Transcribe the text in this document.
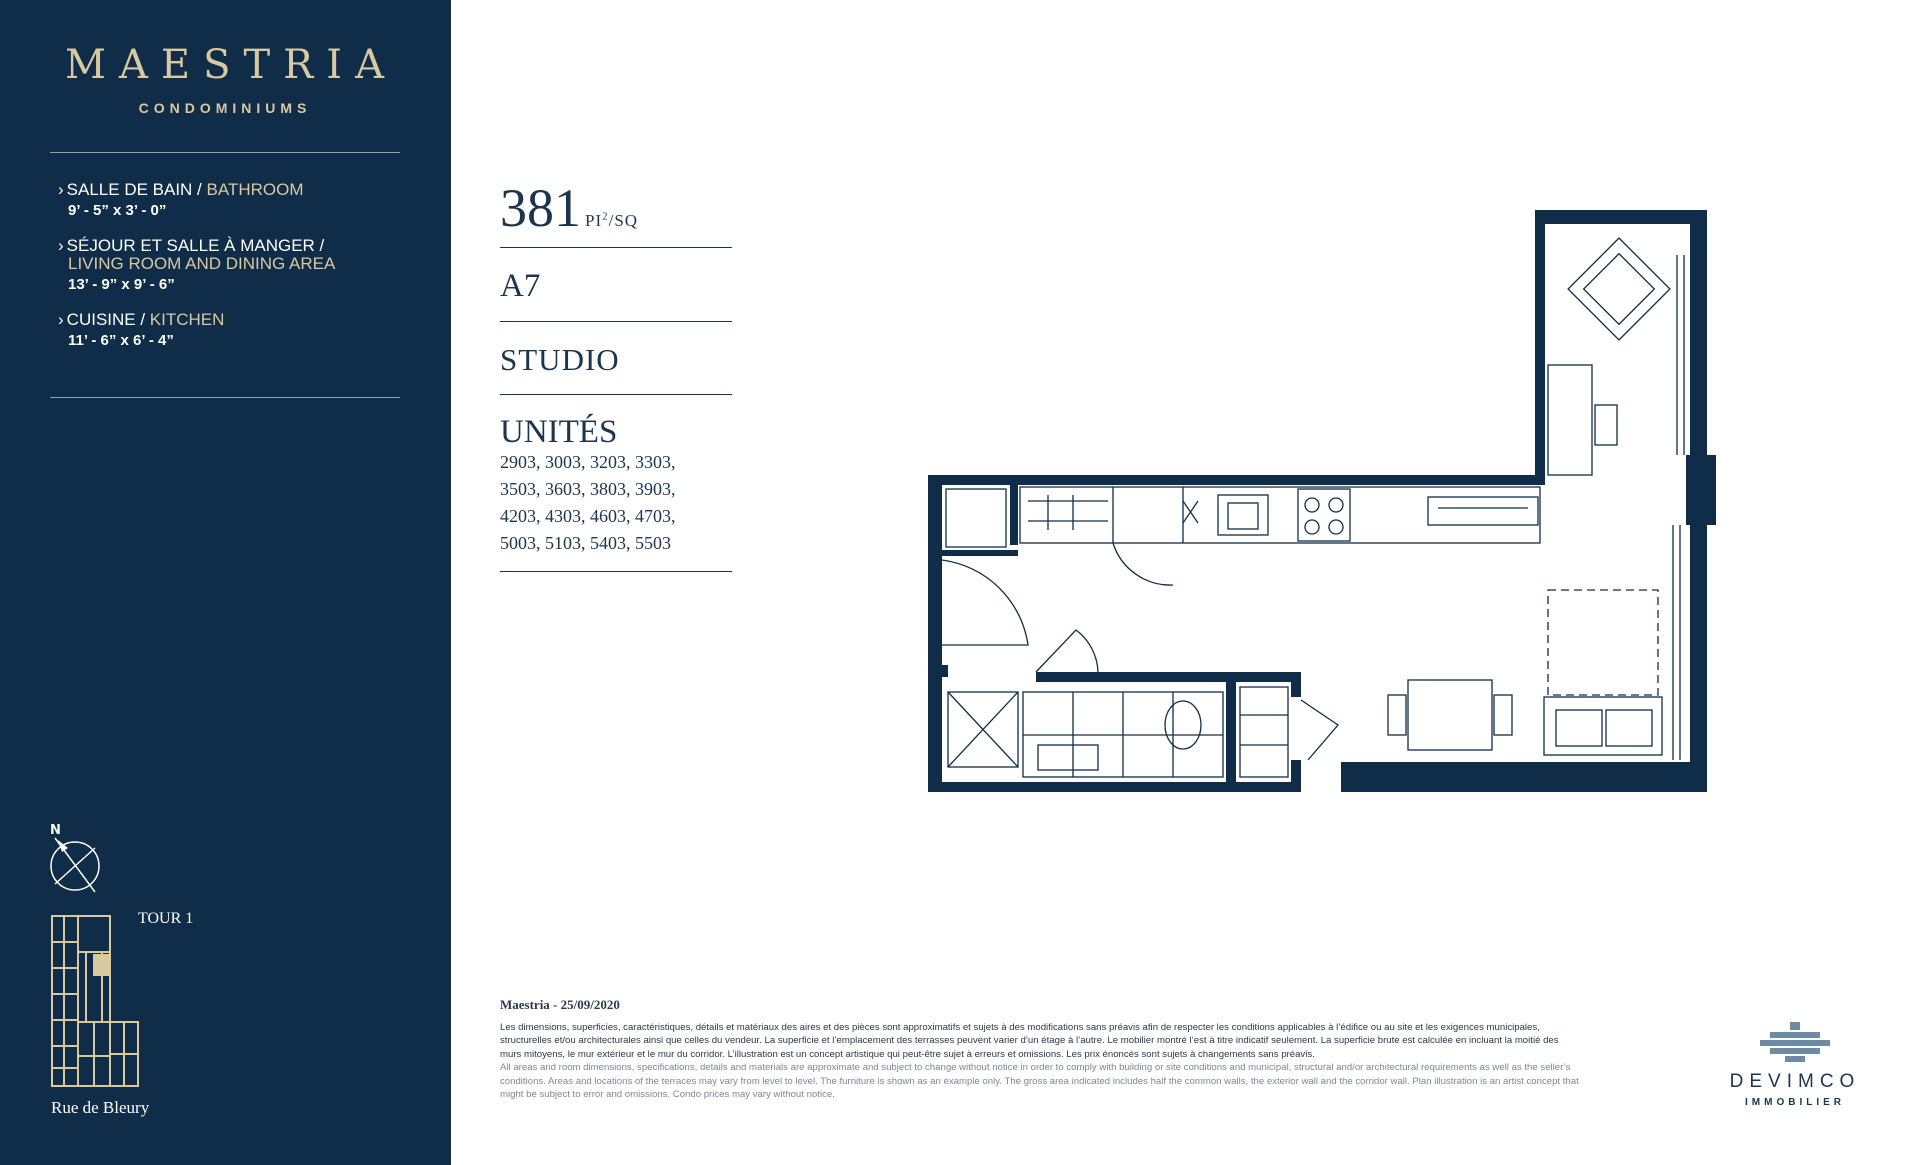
MAESTRIA
CONDOMINIUMS
› SALLE DE BAIN / BATHROOM
9’ - 5” x 3’ - 0”
› SÉJOUR ET SALLE À MANGER /
LIVING ROOM AND DINING AREA
13’ - 9” x 9’ - 6”
› CUISINE / KITCHEN
11’ - 6” x 6’ - 4”
N
TOUR 1
Rue de Bleury
381 $PI^2/SQ$
A7
STUDIO
UNITÉS
2903, 3003, 3203, 3303,
3503, 3603, 3803, 3903,
4203, 4303, 4603, 4703,
5003, 5103, 5403, 5503
Maestria - 25/09/2020
Les dimensions, superficies, caractéristiques, détails et matériaux des aires et des pièces sont approximatifs et sujets à des modifications sans préavis afin de respecter les conditions applicables à l’édifice ou au site et les exigences municipales, structurelles et/ou architecturales ainsi que celles du vendeur. La superficie et l’emplacement des terrasses peuvent varier d’un étage à l’autre. Le mobilier montré l’est à titre indicatif seulement. La superficie brute est calculée en incluant la moitié des murs mitoyens, le mur extérieur et le mur du corridor. L’illustration est un concept artistique qui peut-être sujet à erreurs et omissions. Les prix énoncés sont sujets à changements sans préavis.
All areas and room dimensions, specifications, details and materials are approximate and subject to change without notice in order to comply with building or site conditions and municipal, structural and/or architectural requirements as well as the seller’s conditions. Areas and locations of the terraces may vary from level to level. The furniture is shown as an example only. The gross area indicated includes half the common walls, the exterior wall and the corridor wall. Plan illustration is an artist concept that might be subject to error and omissions. Condo prices may vary without notice.
DEVIMCO
IMMOBILIER
